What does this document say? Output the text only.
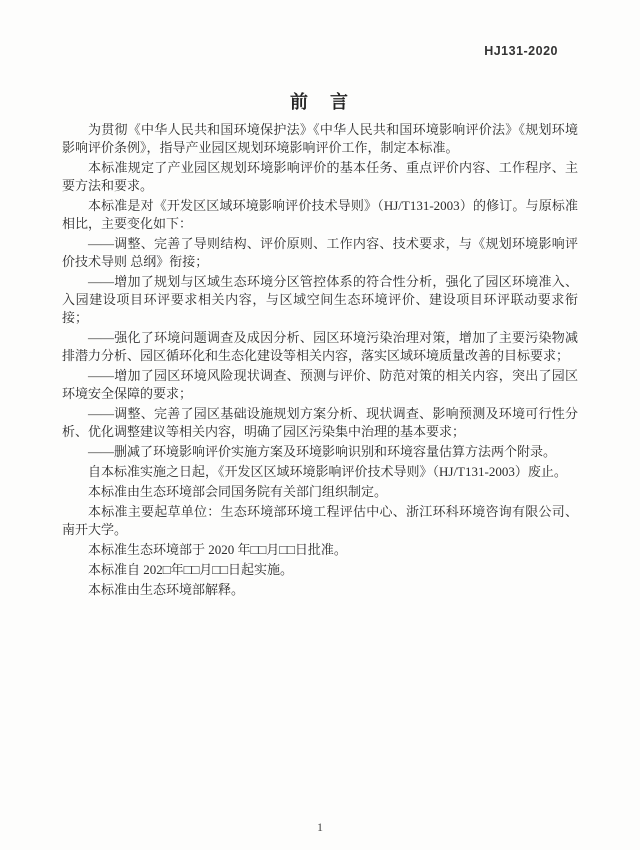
HJ131-2020
前　言

为贯彻《中华人民共和国环境保护法》《中华人民共和国环境影响评价法》《规划环境影响评价条例》，指导产业园区规划环境影响评价工作，制定本标准。

本标准规定了产业园区规划环境影响评价的基本任务、重点评价内容、工作程序、主要方法和要求。

本标准是对《开发区区域环境影响评价技术导则》（HJ/T131-2003）的修订。与原标准相比，主要变化如下：

——调整、完善了导则结构、评价原则、工作内容、技术要求，与《规划环境影响评价技术导则 总纲》衔接；

——增加了规划与区域生态环境分区管控体系的符合性分析，强化了园区环境准入、入园建设项目环评要求相关内容，与区域空间生态环境评价、建设项目环评联动要求衔接；

——强化了环境问题调查及成因分析、园区环境污染治理对策，增加了主要污染物减排潜力分析、园区循环化和生态化建设等相关内容，落实区域环境质量改善的目标要求；

——增加了园区环境风险现状调查、预测与评价、防范对策的相关内容，突出了园区环境安全保障的要求；

——调整、完善了园区基础设施规划方案分析、现状调查、影响预测及环境可行性分析、优化调整建议等相关内容，明确了园区污染集中治理的基本要求；

——删减了环境影响评价实施方案及环境影响识别和环境容量估算方法两个附录。

自本标准实施之日起，《开发区区域环境影响评价技术导则》（HJ/T131-2003）废止。

本标准由生态环境部会同国务院有关部门组织制定。

本标准主要起草单位：生态环境部环境工程评估中心、浙江环科环境咨询有限公司、南开大学。

本标准生态环境部于 2020 年□□月□□日批准。

本标准自 202□年□□月□□日起实施。

本标准由生态环境部解释。

1
